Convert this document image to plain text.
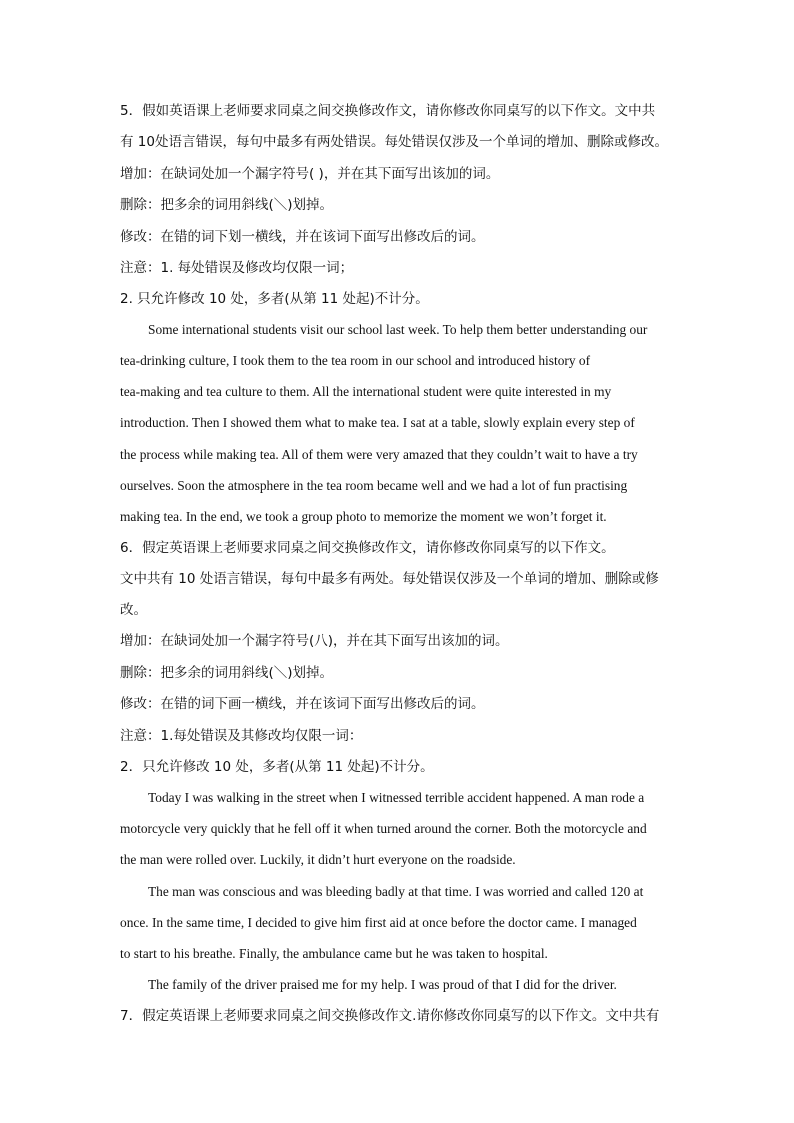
5．假如英语课上老师要求同桌之间交换修改作文，请你修改你同桌写的以下作文。文中共
有 10处语言错误，每句中最多有两处错误。每处错误仅涉及一个单词的增加、删除或修改。
增加：在缺词处加一个漏字符号( )，并在其下面写出该加的词。
删除：把多余的词用斜线(＼)划掉。
修改：在错的词下划一横线，并在该词下面写出修改后的词。
注意：1. 每处错误及修改均仅限一词；
2. 只允许修改 10 处，多者(从第 11 处起)不计分。
Some international students visit our school last week. To help them better understanding our
tea-drinking culture, I took them to the tea room in our school and introduced history of
tea-making and tea culture to them. All the international student were quite interested in my
introduction. Then I showed them what to make tea. I sat at a table, slowly explain every step of
the process while making tea. All of them were very amazed that they couldn’t wait to have a try
ourselves. Soon the atmosphere in the tea room became well and we had a lot of fun practising
making tea. In the end, we took a group photo to memorize the moment we won’t forget it.
6．假定英语课上老师要求同桌之间交换修改作文，请你修改你同桌写的以下作文。
文中共有 10 处语言错误，每句中最多有两处。每处错误仅涉及一个单词的增加、删除或修
改。
增加：在缺词处加一个漏字符号(八)，并在其下面写出该加的词。
删除：把多余的词用斜线(＼)划掉。
修改：在错的词下画一横线，并在该词下面写出修改后的词。
注意：1.每处错误及其修改均仅限一词：
2．只允许修改 10 处，多者(从第 11 处起)不计分。
Today I was walking in the street when I witnessed terrible accident happened. A man rode a
motorcycle very quickly that he fell off it when turned around the corner. Both the motorcycle and
the man were rolled over. Luckily, it didn’t hurt everyone on the roadside.
The man was conscious and was bleeding badly at that time. I was worried and called 120 at
once. In the same time, I decided to give him first aid at once before the doctor came. I managed
to start to his breathe. Finally, the ambulance came but he was taken to hospital.
The family of the driver praised me for my help. I was proud of that I did for the driver.
7．假定英语课上老师要求同桌之间交换修改作文.请你修改你同桌写的以下作文。文中共有
